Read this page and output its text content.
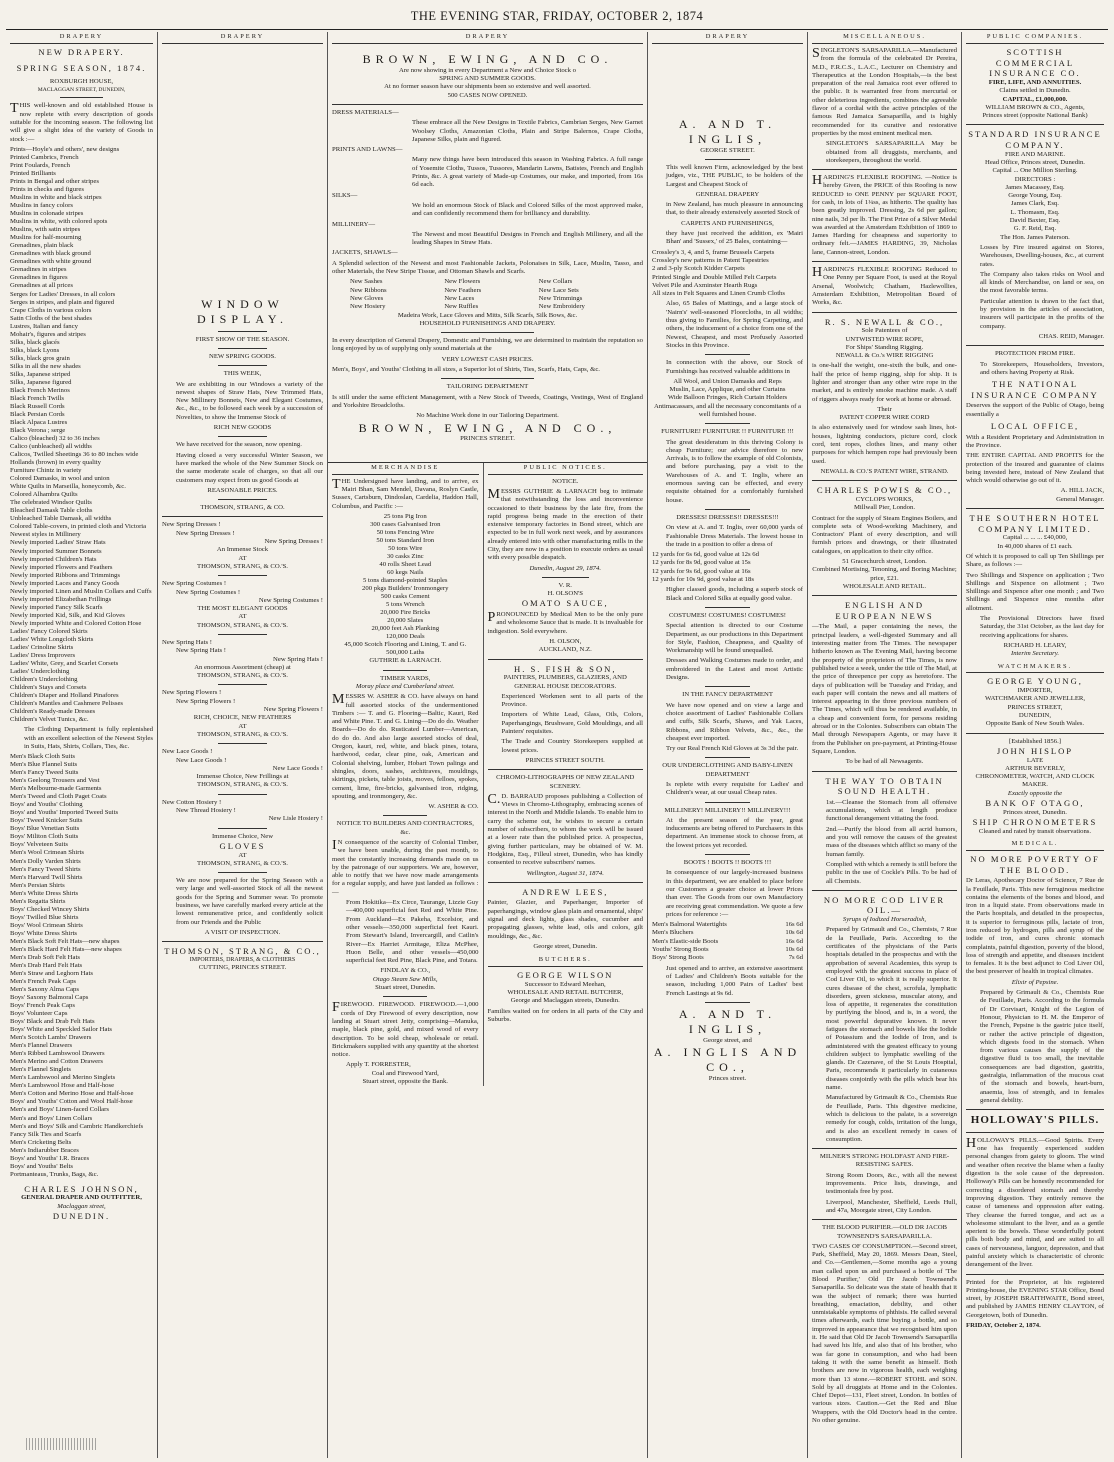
THE EVENING STAR, FRIDAY, OCTOBER 2, 1874
DRAPERY
NEW DRAPERY.
SPRING SEASON, 1874.
ROXBURGH HOUSE,
MACLAGGAN STREET, DUNEDIN,
THIS well-known and old established House is now replete with every description of goods suitable for the incoming season. The following list will give a slight idea of the variety of Goods in stock :—
Prints—Hoyle's and others', new designs
Printed Cambrics, French
Print Foulards, French
Printed Brilliants
Prints in Bengal and other stripes
Prints in checks and figures
Muslins in white and black stripes
Muslins in fancy colors
Muslins in colonade stripes
Muslins in white, with colored spots
Muslins, with satin stripes
Muslins for half-mourning
Grenadines, plain black
Grenadines with black ground
Grenadines with white ground
Grenadines in stripes
Grenadines in figures
Grenadines at all prices
Serges for Ladies' Dresses, in all colors
Serges in stripes, and plain and figured
Crape Cloths in various colors
Satin Cloths of the best shades
Lustres, Italian and fancy
Mohair's, figures and stripes
Silks, black glacés
Silks, black Lyons
Silks, black gros grain
Silks in all the new shades
Silks, Japanese striped
Silks, Japanese figured
Black French Merinos
Black French Twills
Black Russell Cords
Black Persian Cords
Black Alpaca Lustres
Black Verona ; serge
Calico (bleached) 32 to 36 inches
Calico (unbleached) all widths
Calicos, Twilled Sheetings 36 to 80 inches wide
Hollands (brown) in every quality
Furniture Chintz in variety
Colored Damasks, in wool and union
White Quilts in Marseilla, honeycomb, &c.
Colored Alhambra Quilts
The celebrated Windsor Quilts
Bleached Damask Table cloths
Unbleached Table Damask, all widths
Colored Table-covers, in printed cloth and Victoria
Newest styles in Millinery
Newly imported Ladies' Straw Hats
Newly imported Summer Bonnets
Newly imported Children's Hats
Newly imported Flowers and Feathers
Newly imported Ribbons and Trimmings
Newly imported Laces and Fancy Goods
Newly imported Linen and Muslin Collars and Cuffs
Newly imported Elizabethan Frillings
Newly imported Fancy Silk Scarfs
Newly imported Kid, Silk, and Kid Gloves
Newly imported White and Colored Cotton Hose
Ladies' Fancy Colored Skirts
Ladies' White Longcloth Skirts
Ladies' Crinoline Skirts
Ladies' Dress Improvers
Ladies' White, Grey, and Scarlet Corsets
Ladies' Underclothing
Children's Underclothing
Children's Stays and Corsets
Children's Diaper and Holland Pinafores
Children's Mantles and Cashmere Pelisses
Children's Ready-made Dresses
Children's Velvet Tunics, &c.
The Clothing Department is fully replenished with an excellent selection of the Newest Styles in Suits, Hats, Shirts, Collars, Ties, &c.
Men's Black Cloth Suits
Men's Blue Flannel Suits
Men's Fancy Tweed Suits
Men's Geelong Trousers and Vest
Men's Melbourne-made Garments
Men's Tweed and Cloth Paget Coats
Boys' and Youths' Clothing
Boys' and Youths' Imported Tweed Suits
Boys' Tweed Knicker Suits
Boys' Blue Venetian Suits
Boys' Militon Cloth Suits
Boys' Velveteen Suits
Men's Wool Crimean Shirts
Men's Dolly Varden Shirts
Men's Fancy Tweed Shirts
Men's Harvard Twill Shirts
Men's Persian Shirts
Men's White Dress Shirts
Men's Regatta Shirts
Boys' Checked Wincey Shirts
Boys' Twilled Blue Shirts
Boys' Wool Crimean Shirts
Boys' White Dress Shirts
Men's Black Soft Felt Hats—new shapes
Men's Black Hard Felt Hats—new shapes
Men's Drab Soft Felt Hats
Men's Drab Hard Felt Hats
Men's Straw and Leghorn Hats
Men's French Peak Caps
Men's Saxony Alma Caps
Boys' Saxony Balmoral Caps
Boys' French Peak Caps
Boys' Volunteer Caps
Boys' Black and Drab Felt Hats
Boys' White and Speckled Sailor Hats
Men's Scotch Lambs' Drawers
Men's Flannel Drawers
Men's Ribbed Lambswool Drawers
Men's Merino and Cotton Drawers
Men's Flannel Singlets
Men's Lambswool and Merino Singlets
Men's Lambswool Hose and Half-hose
Men's Cotton and Merino Hose and Half-hose
Boys' and Youths' Cotton and Wool Half-hose
Men's and Boys' Linen-faced Collars
Men's and Boys' Linen Collars
Men's and Boys' Silk and Cambric Handkerchiefs
Fancy Silk Ties and Scarfs
Men's Cricketing Belts
Men's Indiarubber Braces
Boys' and Youths' I.R. Braces
Boys' and Youths' Belts
Portmanteaus, Trunks, Bags, &c.
CHARLES JOHNSON,
GENERAL DRAPER AND OUTFITTER,
Maclaggan street,
DUNEDIN.
DRAPERY
WINDOW DISPLAY.
FIRST SHOW OF THE SEASON.
NEW SPRING GOODS.
THIS WEEK,
We are exhibiting in our Windows a variety of the newest shapes of Straw Hats, New Trimmed Hats, New Millinery Bonnets, New and Elegant Costumes, &c., &c., to be followed each week by a succession of Novelties, to show the Immense Stock of
RICH NEW GOODS
We have received for the season, now opening.
Having closed a very successful Winter Season, we have marked the whole of the New Summer Stock on the same moderate scale of charges, so that all our customers may expect from us good Goods at
REASONABLE PRICES.
THOMSON, STRANG, & CO.
New Spring Dresses !
New Spring Dresses !
New Spring Dresses !
An Immense Stock
AT
THOMSON, STRANG, & CO.'S.
New Spring Costumes !
New Spring Costumes !
New Spring Costumes !
THE MOST ELEGANT GOODS
AT
THOMSON, STRANG, & CO.'S.
New Spring Hats !
New Spring Hats !
New Spring Hats !
An enormous Assortment (cheap) at
THOMSON, STRANG, & CO.'S.
New Spring Flowers !
New Spring Flowers !
New Spring Flowers !
RICH, CHOICE, NEW FEATHERS
AT
THOMSON, STRANG, & CO.'S.
New Lace Goods !
New Lace Goods !
New Lace Goods !
Immense Choice, New Frillings at
THOMSON, STRANG, & CO.'S.
New Cotton Hosiery !
New Thread Hosiery !
New Lisle Hosiery !
Immense Choice, New
GLOVES
AT
THOMSON, STRANG, & CO.'S.
We are now prepared for the Spring Season with a very large and well-assorted Stock of all the newest goods for the Spring and Summer wear. To promote business, we have carefully marked every article at the lowest remunerative price, and confidently solicit from our Friends and the Public
A VISIT OF INSPECTION.
THOMSON, STRANG, & CO.,
IMPORTERS, DRAPERS, & CLOTHIERS
CUTTING, PRINCES STREET.
DRAPERY
BROWN, EWING, AND CO.
Are now showing in every Department a New and Choice Stock o
SPRING AND SUMMER GOODS.
At no former season have our shipments been so extensive and well assorted.
500 CASES NOW OPENED.
DRESS MATERIALS—
These embrace all the New Designs in Textile Fabrics, Cambrian Serges, New Garnet Woolsey Cloths, Amazonian Cloths, Plain and Stripe Balernos, Crape Cloths, Japanese Silks, plain and figured.
PRINTS AND LAWNS—
Many new things have been introduced this season in Washing Fabrics. A full range of Yosemite Cloths, Tussos, Tussores, Mandarin Lawns, Batistes, French and English Prints, &c. A great variety of Made-up Costumes, our make, and imported, from 16s 6d each.
SILKS—
We hold an enormous Stock of Black and Colored Silks of the most approved make, and can confidently recommend them for brilliancy and durability.
MILLINERY—
The Newest and most Beautiful Designs in French and English Millinery, and all the leading Shapes in Straw Hats.
JACKETS, SHAWLS—
A Splendid selection of the Newest and most Fashionable Jackets, Polonaises in Silk, Lace, Muslin, Tasso, and other Materials, the New Stripe Tissue, and Ottoman Shawls and Scarfs.
New Sashes	New Flowers	New Collars
New Ribbons	New Feathers	New Lace Sets
New Gloves	New Laces	New Trimmings
New Hosiery	New Ruffles	New Embroidery
Madeira Work, Lace Gloves and Mitts, Silk Scarfs, Silk Bows, &c.
HOUSEHOLD FURNISHINGS AND DRAPERY.
In every description of General Drapery, Domestic and Furnishing, we are determined to maintain the reputation so long enjoyed by us of supplying only sound materials at the
VERY LOWEST CASH PRICES.
Men's, Boys', and Youths' Clothing in all sizes, a Superior lot of Shirts, Ties, Scarfs, Hats, Caps, &c.
TAILORING DEPARTMENT
Is still under the same efficient Management, with a New Stock of Tweeds, Coatings, Vestings, West of England and Yorkshire Broadcloths.
No Machine Work done in our Tailoring Department.
BROWN, EWING, AND CO.,
PRINCES STREET.
MERCHANDISE
THE Undersigned have landing, and to arrive, ex Mairi Bhan, Sam Mendel, Davana, Roslyn Castle, Sussex, Cartsburn, Dindoslan, Cardelia, Haddon Hall, Columbus, and Pacific :—
25 tons Pig Iron
300 cases Galvanised Iron
50 tons Fencing Wire
50 tons Standard Iron
50 tons Wire
30 casks Zinc
40 rolls Sheet Lead
60 kegs Nails
5 tons diamond-pointed Staples
200 pkgs Builders' Ironmongery
500 casks Cement
5 tons Wrench
20,000 Fire Bricks
20,000 Slates
20,000 feet Ash Planking
120,000 Deals
45,000 Scotch Flooring and Lining, T. and G.
500,000 Laths
GUTHRIE & LARNACH.
TIMBER YARDS,
Moray place and Cumberland street.
MESSRS W. ASHER & CO. have always on hand full assorted stocks of the undermentioned Timbers :— T. and G. Flooring—Baltic, Kauri, Red and White Pine. T. and G. Lining—Do do do. Weather Boards—Do do do. Rusticated Lumber—American, do do do. And also large assorted stocks of deal, Oregon, kauri, red, white, and black pines, totara, hardwood, cedar, clear pine, oak, American and Colonial shelving, lumber, Hobart Town palings and shingles, doors, sashes, architraves, mouldings, skirtings, pickets, table joists, moves, felloes, spokes, cement, lime, fire-bricks, galvanised iron, ridging, spouting, and ironmongery, &c.
W. ASHER & CO.
NOTICE TO BUILDERS AND CONTRACTORS, &c.
IN consequence of the scarcity of Colonial Timber, we have been unable, during the past month, to meet the constantly increasing demands made on us by the patronage of our supporters. We are, however, able to notify that we have now made arrangements for a regular supply, and have just landed as follows :—
From Hokitika—Ex Circe, Taurange, Lizzie Guy—400,000 superficial feet Red and White Pine. From Auckland—Ex Pakeha, Excelsior, and other vessels—350,000 superficial feet Kauri. From Stewart's Island, Invercargill, and Catlin's River—Ex Harriet Armitage, Eliza McPhee, Huon Belle, and other vessels—450,000 superficial feet Red Pine, Black Pine, and Totara.
FINDLAY & CO.,
Otago Steam Saw Mills,
Stuart street, Dunedin.
FIREWOOD. FIREWOOD. FIREWOOD.—1,000 cords of Dry Firewood of every description, now landing at Stuart street Jetty, comprising—Manuka, maple, black pine, gold, and mixed wood of every description. To be sold cheap, wholesale or retail. Brickmakers supplied with any quantity at the shortest notice.
Apply T. FORRESTER,
Coal and Firewood Yard,
Stuart street, opposite the Bank.
PUBLIC NOTICES.
NOTICE.
MESSRS GUTHRIE & LARNACH beg to intimate that notwithstanding the loss and inconvenience occasioned to their business by the late fire, from the rapid progress being made in the erection of their extensive temporary factories in Bond street, which are expected to be in full work next week, and by assurances already entered into with other manufacturing mills in the City, they are now in a position to execute orders as usual with every possible despatch.
Dunedin, August 29, 1874.
V. R.
H. OLSON'S
OMATO SAUCE,
PRONOUNCED by Medical Men to be the only pure and wholesome Sauce that is made. It is invaluable for indigestion. Sold everywhere.
H. OLSON,
AUCKLAND, N.Z.
H. S. FISH & SON,
PAINTERS, PLUMBERS, GLAZIERS, AND
GENERAL HOUSE DECORATORS.
Experienced Workmen sent to all parts of the Province.
Importers of White Lead, Glass, Oils, Colors, Paperhangings, Brushware, Gold Mouldings, and all Painters' requisites.
The Trade and Country Storekeepers supplied at lowest prices.
PRINCES STREET SOUTH.
CHROMO-LITHOGRAPHS OF NEW ZEALAND SCENERY.
C.D. BARRAUD proposes publishing a Collection of Views in Chromo-Lithography, embracing scenes of interest in the North and Middle Islands. To enable him to carry the scheme out, he wishes to secure a certain number of subscribers, to whom the work will be issued at a lower rate than the published price. A prospectus, giving further particulars, may be obtained of W. M. Hodgkins, Esq., Filleul street, Dunedin, who has kindly consented to receive subscribers' names.
Wellington, August 31, 1874.
ANDREW LEES,
Painter, Glazier, and Paperhanger, Importer of paperhangings, window glass plain and ornamental, ships' signal and deck lights, glass shades, cucumber and propagating glasses, white lead, oils and colors, gilt mouldings, &c., &c.
George street, Dunedin.
BUTCHERS.
GEORGE WILSON
Successor to Edward Meehan,
WHOLESALE AND RETAIL BUTCHER,
George and Maclaggan streets, Dunedin.
Families waited on for orders in all parts of the City and Suburbs.
DRAPERY
A. AND T. INGLIS,
GEORGE STREET.
This well known Firm, acknowledged by the best judges, viz., THE PUBLIC, to be holders of the Largest and Cheapest Stock of
GENERAL DRAPERY
in New Zealand, has much pleasure in announcing that, to their already extensively assorted Stock of
CARPETS AND FURNISHINGS,
they have just received the addition, ex 'Mairi Bhan' and 'Sussex,' of 25 Bales, containing—
Crossley's 3, 4, and 5, frame Brussels Carpets
Crossley's new patterns in Patent Tapestries
2 and 3-ply Scotch Kidder Carpets
Printed Single and Double Milled Felt Carpets
Velvet Pile and Axminster Hearth Rugs
All sizes in Felt Squares and Linen Crumb Cloths
Also, 65 Bales of Mattings, and a large stock of 'Nairn's' well-seasoned Floorcloths, in all widths; thus giving to Families, for Spring Carpeting, and others, the inducement of a choice from one of the Newest, Cheapest, and most Profusely Assorted Stocks in this Province.
In connection with the above, our Stock of Furnishings has received valuable additions in
All Wool, and Union Damasks and Reps
Muslin, Lace, Applique, and other Curtains
Wide Balloon Fringes, Rich Curtain Holders
Antimacassars, and all the necessary concomitants of a well furnished house.
FURNITURE! FURNITURE !! FURNITURE !!!
The great desideratum in this thriving Colony is cheap Furniture; our advice therefore to new Arrivals, is to follow the example of old Colonists, and before purchasing, pay a visit to the Warehouses of A. and T. Inglis, where an enormous saving can be effected, and every requisite obtained for a comfortably furnished house.
DRESSES! DRESSES!! DRESSES!!!
On view at A. and T. Inglis, over 60,000 yards of Fashionable Dress Materials. The lowest house in the trade in a position to offer a dress of
12 yards for 6s 6d, good value at 12s 6d
12 yards for 8s 9d, good value at 15s
12 yards for 9s 6d, good value at 16s
12 yards for 10s 9d, good value at 18s
Higher classed goods, including a superb stock of Black and Colored Silks at equally good value.
COSTUMES! COSTUMES! COSTUMES!
Special attention is directed to our Costume Department, as our productions in this Department for Style, Fashion, Cheapness, and Quality of Workmanship will be found unequalled.
Dresses and Walking Costumes made to order, and embroidered in the Latest and most Artistic Designs.
IN THE FANCY DEPARTMENT
We have now opened and on view a large and choice assortment of Ladies' Fashionable Collars and cuffs, Silk Scarfs, Shaws, and Yak Laces, Ribbons, and Ribbon Velvets, &c., &c., the cheapest ever imported.
Try our Real French Kid Gloves at 3s 3d the pair.
OUR UNDERCLOTHING AND BABY-LINEN DEPARTMENT
Is replete with every requisite for Ladies' and Children's wear, at our usual Cheap rates.
MILLINERY! MILLINERY!! MILLINERY!!!
At the present season of the year, great inducements are being offered to Purchasers in this department. An immense stock to choose from, at the lowest prices yet recorded.
BOOTS ! BOOTS !! BOOTS !!!
In consequence of our largely-increased business in this department, we are enabled to place before our Customers a greater choice at lower Prices than ever. The Goods from our own Manufactory are receiving great commendation. We quote a few prices for reference :—
Men's Balmoral Watertights	16s 6d
Men's Bluchers	10s 6d
Men's Elastic-side Boots	16s 6d
Youths' Strong Boots	10s 6d
Boys' Strong Boots	7s 6d
Just opened and to arrive, an extensive assortment of Ladies' and Children's Boots suitable for the season, including 1,000 Pairs of Ladies' best French Lastings at 9s 6d.
A. AND T. INGLIS,
George street, and
A. INGLIS AND CO.,
Princes street.
MISCELLANEOUS.
SINGLETON'S SARSAPARILLA.—Manufactured from the formula of the celebrated Dr Pereira, M.D., F.R.C.S., L.A.C., Lecturer on Chemistry and Therapeutics at the London Hospitals,—is the best preparation of the real Jamaica root ever offered to the public. It is warranted free from mercurial or other deleterious ingredients, combines the agreeable flavor of a cordial with the active principles of the famous Red Jamaica Sarsaparilla, and is highly recommended for its curative and restorative properties by the most eminent medical men.
SINGLETON'S SARSAPARILLA May be obtained from all druggists, merchants, and storekeepers, throughout the world.
HARDING'S FLEXIBLE ROOFING. —Notice is hereby Given, the PRICE of this Roofing is now REDUCED to ONE PENNY per SQUARE FOOT, for cash, in lots of 1¼ss, as hitherto. The quality has been greatly improved. Dressing, 2s 6d per gallon; nine nails, 3d per lb. The First Prize of a Silver Medal was awarded at the Amsterdam Exhibition of 1869 to James Harding for cheapness and superiority to ordinary felt.—JAMES HARDING, 39, Nicholas lane, Cannon-street, London.
HARDING'S FLEXIBLE ROOFING Reduced to One Penny per Square Foot, is used at the Royal Arsenal, Woolwich; Chatham, Hazlewollies, Amsterdam Exhibition, Metropolitan Board of Works, &c.
R. S. NEWALL & CO.,
Sole Patentees of
UNTWISTED WIRE ROPE,
For Ships' Standing Rigging.
NEWALL & Co.'s WIRE RIGGING
is one-half the weight, one-sixth the bulk, and one-half the price of hemp rigging, ship for ship. It is lighter and stronger than any other wire rope in the market, and is entirely smoke machine made. A staff of riggers always ready for work at home or abroad.
Their
PATENT COPPER WIRE CORD
is also extensively used for window sash lines, hot-houses, lightning conductors, picture cord, clock cord, tent ropes, clothes lines, and many other purposes for which hempen rope had previously been used.
NEWALL & CO.'S PATENT WIRE, STRAND.
CHARLES POWIS & CO.,
CYCLOPS WORKS,
Millwall Pier, London.
Contract for the supply of Steam Engines Boilers, and complete sets of Wood-working Machinery, and Contractors' Plant of every description, and will furnish prices and drawings, or their illustrated catalogues, on application to their city office.
51 Gracechurch street, London.
Combined Mortising, Tenoning, and Boring Machine; price, £21.
WHOLESALE AND RETAIL.
ENGLISH AND EUROPEAN NEWS
—The Mail, a paper containing the news, the principal leaders, a well-digested Summary and all interesting matter from The Times. The newspaper hitherto known as The Evening Mail, having become the property of the proprietors of The Times, is now published twice a week, under the title of The Mail, at the price of threepence per copy as heretofore. The days of publication will be Tuesday and Friday, and each paper will contain the news and all matters of interest appearing in the three previous numbers of The Times, which will thus be rendered available, in a cheap and convenient form, for persons residing abroad or in the Colonies. Subscribers can obtain The Mail through Newspapers Agents, or may have it from the Publisher on pre-payment, at Printing-House Square, London.
To be had of all Newsagents.
THE WAY TO OBTAIN SOUND HEALTH.
1st.—Cleanse the Stomach from all offensive accumulations, which at length produce functional derangement vitiating the food.
2nd.—Purify the blood from all acrid humors, and you will remove the causes of the greatest mass of the diseases which afflict so many of the human family.
Complied with which a remedy is still before the public in the use of Cockle's Pills. To be had of all Chemists.
NO MORE COD LIVER OIL.—
Syrups of Iodized Horseradish,
Prepared by Grimault and Co., Chemists, 7 Rue de la Feuillade, Paris. According to the certificates of the physicians of the Paris hospitals detailed in the prospectus and with the approbation of several Academies, this syrup is employed with the greatest success in place of Cod Liver Oil, to which it is really superior. It cures disease of the chest, scrofula, lymphatic disorders, green sickness, muscular atony, and loss of appetite, it regenerates the constitution by purifying the blood, and is, in a word, the most powerful depurative known. It never fatigues the stomach and bowels like the Iodide of Potassium and the Iodide of Iron, and is administered with the greatest efficacy to young children subject to lymphatic swelling of the glands. Dr Cazenave, of the St Louis Hospital, Paris, recommends it particularly in cutaneous diseases conjointly with the pills which bear his name.
Manufactured by Grimault & Co., Chemists Rue de Feuillade, Paris. This digestive medicine, which is delicious to the palate, is a sovereign remedy for cough, colds, irritation of the lungs, and is also an excellent remedy in cases of consumption.
MILNER'S STRONG HOLDFAST AND FIRE-RESISTING SAFES.
Strong Room Doors, &c., with all the newest improvements. Price lists, drawings, and testimonials free by post.
Liverpool, Manchester, Sheffield, Leeds Hull, and 47a, Moorgate street, City London.
THE BLOOD PURIFIER.—OLD DR JACOB TOWNSEND'S SARSAPARILLA.
TWO CASES OF CONSUMPTION.—Second street, Park, Sheffield, May 20, 1869. Messrs Dean, Steel, and Co.—Gentlemen,—Some months ago a young man called upon us and purchased a bottle of 'The Blood Purifier,' Old Dr Jacob Townsend's Sarsaparilla. So delicate was the state of health that it was the subject of remark; there was hurried breathing, emaciation, debility, and other unmistakable symptoms of phthisis. He called several times afterwards, each time buying a bottle, and so improved in appearance that we recognised him upon it. He said that Old Dr Jacob Townsend's Sarsaparilla had saved his life, and also that of his brother, who was far gone in consumption, and who had been taking it with the same benefit as himself. Both brothers are now in vigorous health, each weighing more than 13 stone.—ROBERT STOHL and SON. Sold by all druggists at Home and in the Colonies. Chief Depot—131, Fleet street, London. In bottles of various sizes. Caution.—Get the Red and Blue Wrappers, with the Old Doctor's head in the centre. No other genuine.
PUBLIC COMPANIES.
SCOTTISH COMMERCIAL INSURANCE CO.
FIRE, LIFE, AND ANNUITIES.
Claims settled in Dunedin.
CAPITAL, £1,000,000.
WILLIAM BROWN & CO., Agents,
Princes street (opposite National Bank)
STANDARD INSURANCE COMPANY.
FIRE AND MARINE.
Head Office, Princes street, Dunedin.
Capital ... One Million Sterling.
DIRECTORS :
James Macassey, Esq.
George Young, Esq.
James Clark, Esq.
L. Thomasm, Esq.
David Baxter, Esq.
G. F. Reid, Esq.
The Hon. James Paterson.
Losses by Fire insured against on Stores, Warehouses, Dwelling-houses, &c., at current rates.
The Company also takes risks on Wool and all kinds of Merchandise, on land or sea, on the most favorable terms.
Particular attention is drawn to the fact that, by provision in the articles of association, insurers will participate in the profits of the company.
CHAS. REID, Manager.
PROTECTION FROM FIRE.
To Storekeepers, Householders, Investors, and others having Property at Risk.
THE NATIONAL INSURANCE COMPANY
Deserves the support of the Public of Otago, being essentially a
LOCAL OFFICE,
With a Resident Proprietary and Administration in the Province.
THE ENTIRE CAPITAL AND PROFITS for the protection of the insured and guarantee of claims being invested here, instead of New Zealand that which would otherwise go out of it.
A. HILL JACK,
General Manager.
THE SOUTHERN HOTEL COMPANY LIMITED.
Capital ... ... ... £40,000,
In 40,000 shares of £1 each.
Of which it is proposed to call up Ten Shillings per Share, as follows :—
Two Shillings and Sixpence on application ; Two Shillings and Sixpence on allotment ; Two Shillings and Sixpence after one month ; and Two Shillings and Sixpence nine months after allotment.
The Provisional Directors have fixed Saturday, the 31st October, as the last day for receiving applications for shares.
RICHARD H. LEARY,
Interim Secretary.
WATCHMAKERS.
GEORGE YOUNG,
IMPORTER,
WATCHMAKER AND JEWELLER,
PRINCES STREET,
DUNEDIN,
Opposite Bank of New South Wales.
[Established 1856.]
JOHN HISLOP
LATE
ARTHUR BEVERLY,
CHRONOMETER, WATCH, AND CLOCK MAKER.
Exactly opposite the
BANK OF OTAGO,
Princes street, Dunedin.
SHIP CHRONOMETERS
Cleaned and rated by transit observations.
MEDICAL.
NO MORE POVERTY OF THE BLOOD.
Dr Leras, Apothecary Doctor of Science, 7 Rue de la Feuillade, Paris. This new ferruginous medicine contains the elements of the bones and blood, and iron in a liquid state. From observations made in the Paris hospitals, and detailed in the prospectus, it is superior to ferruginous pills, lactate of iron, iron reduced by hydrogen, pills and syrup of the iodide of iron, and cures chronic stomach complaints, painful digestion, poverty of the blood, loss of strength and appetite, and diseases incident to females. It is the best adjunct to Cod Liver Oil, the best preserver of health in tropical climates.
Elixir of Pepsine.
Prepared by Grimault & Co., Chemists Rue de Feuillade, Paris. According to the formula of Dr Corvisart, Knight of the Legion of Honour, Physician to H. M. the Emperor of the French, Pepsine is the gastric juice itself, or rather the active principle of digestion, which digests food in the stomach. When from various causes the supply of the digestive fluid is too small, the inevitable consequences are bad digestion, gastritis, gastralgia, inflammation of the mucous coat of the stomach and bowels, heart-burn, anaemia, loss of strength, and in females general debility.
HOLLOWAY'S PILLS.
HOLLOWAY'S PILLS.—Good Spirits. Every one has frequently experienced sudden personal changes from gaiety to gloom. The wind and weather often receive the blame when a faulty digestion is the sole cause of the depression. Holloway's Pills can be honestly recommended for correcting a disordered stomach and thereby improving digestion. They entirely remove the cause of tameness and oppression after eating. They cleanse the furred tongue, and act as a wholesome stimulant to the liver, and as a gentle aperient to the bowels. These wonderfully potent pills both body and mind, and are suited to all cases of nervousness, languor, depression, and that painful anxiety which is characteristic of chronic derangement of the liver.
Printed for the Proprietor, at his registered Printing-house, the EVENING STAR Office, Bond street, by JOSEPH BRAITHWAITE, Bond street, and published by JAMES HENRY CLAYTON, of Georgetown, both of Dunedin.
FRIDAY, October 2, 1874.
